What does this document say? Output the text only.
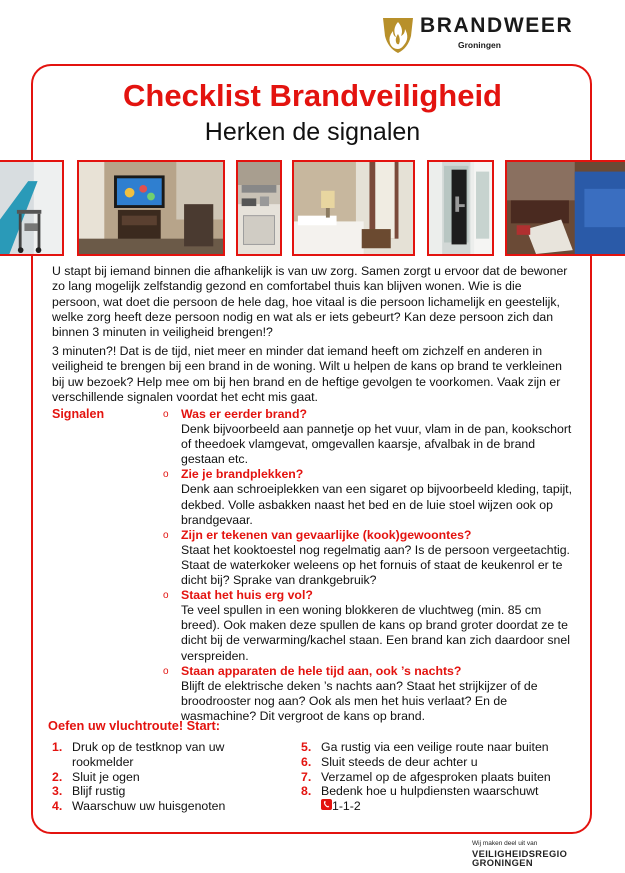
BRANDWEER
Groningen
Checklist Brandveiligheid
Herken de signalen
U stapt bij iemand binnen die afhankelijk is van uw zorg. Samen zorgt u ervoor dat de bewoner zo lang mogelijk zelfstandig gezond en comfortabel thuis kan blijven wonen. Wie is die persoon, wat doet die persoon de hele dag, hoe vitaal is die persoon lichamelijk en geestelijk, welke zorg heeft deze persoon nodig en wat als er iets gebeurt? Kan deze persoon zich dan binnen 3 minuten in veiligheid brengen!?
3 minuten?! Dat is de tijd, niet meer en minder dat iemand heeft om zichzelf en anderen in veiligheid te brengen bij een brand in de woning. Wilt u helpen de kans op brand te verkleinen bij uw bezoek? Help mee om bij hen brand en de heftige gevolgen te voorkomen. Vaak zijn er verschillende signalen voordat het echt mis gaat.
Signalen	o Was er eerder brand?
Denk bijvoorbeeld aan pannetje op het vuur, vlam in de pan, kookschort of theedoek vlamgevat, omgevallen kaarsje, afvalbak in de brand gestaan etc.
o Zie je brandplekken?
Denk aan schroeiplekken van een sigaret op bijvoorbeeld kleding, tapijt, dekbed. Volle asbakken naast het bed en de luie stoel wijzen ook op brandgevaar.
o Zijn er tekenen van gevaarlijke (kook)gewoontes?
Staat het kooktoestel nog regelmatig aan? Is de persoon vergeetachtig. Staat de waterkoker weleens op het fornuis of staat de keukenrol er te dicht bij? Sprake van drankgebruik?
o Staat het huis erg vol?
Te veel spullen in een woning blokkeren de vluchtweg (min. 85 cm breed). Ook maken deze spullen de kans op brand groter doordat ze te dicht bij de verwarming/kachel staan. Een brand kan zich daardoor snel verspreiden.
o Staan apparaten de hele tijd aan, ook ’s nachts?
Blijft de elektrische deken ’s nachts aan? Staat het strijkijzer of de broodrooster nog aan? Ook als men het huis verlaat? En de wasmachine? Dit vergroot de kans op brand.
Oefen uw vluchtroute! Start:
1. Druk op de testknop van uw rookmelder
2. Sluit je ogen
3. Blijf rustig
4. Waarschuw uw huisgenoten
5. Ga rustig via een veilige route naar buiten
6. Sluit steeds de deur achter u
7. Verzamel op de afgesproken plaats buiten
8. Bedenk hoe u hulpdiensten waarschuwt
1-1-2
Wij maken deel uit van
VEILIGHEIDSREGIO
GRONINGEN
